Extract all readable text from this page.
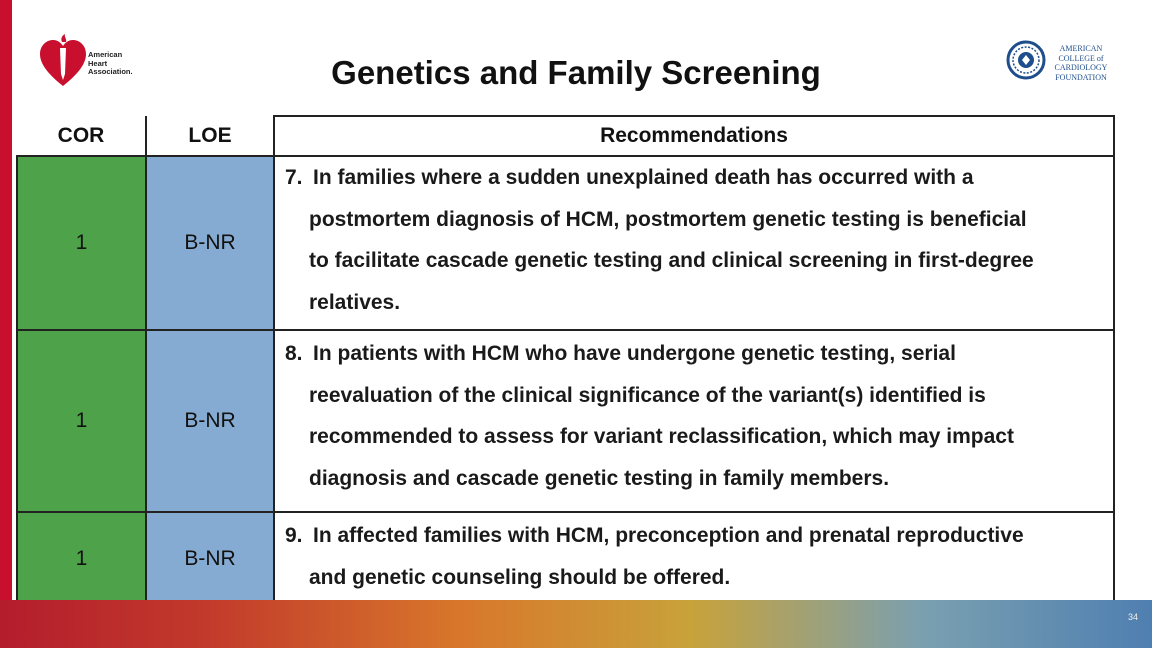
American
Heart
Association.	Genetics and Family Screening
AMERICAN
COLLEGE of
CARDIOLOGY
FOUNDATION
COR	LOE	Recommendations
1	B-NR	7. In families where a sudden unexplained death has occurred with a
postmortem diagnosis of HCM, postmortem genetic testing is beneficial
to facilitate cascade genetic testing and clinical screening in first-degree
relatives.

1	B-NR	8. In patients with HCM who have undergone genetic testing, serial
reevaluation of the clinical significance of the variant(s) identified is
recommended to assess for variant reclassification, which may impact
diagnosis and cascade genetic testing in family members.

1	B-NR	9. In affected families with HCM, preconception and prenatal reproductive
and genetic counseling should be offered.
34
